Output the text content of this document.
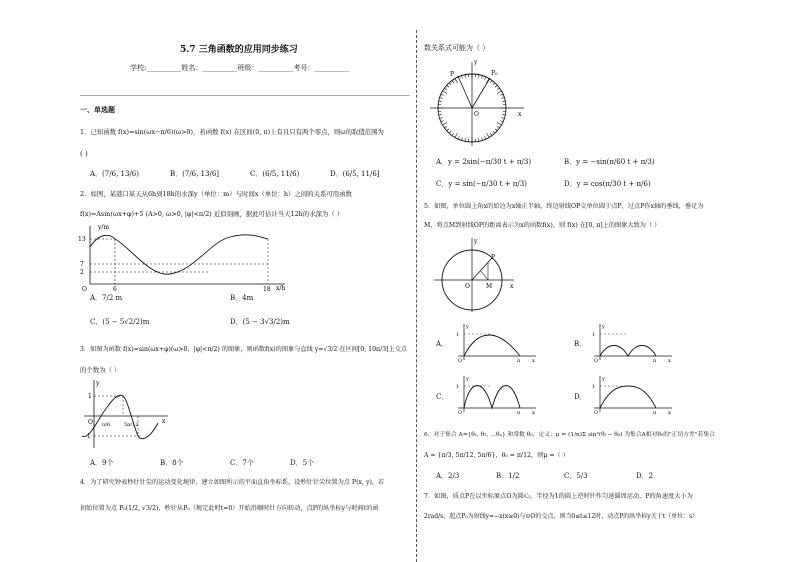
5.7 三角函数的应用同步练习
学校:__________姓名：__________班级：__________考号：__________
一、单选题
1．已知函数 f(x)=sin(ωx−π/6)(ω>0)，若函数 f(x) 在区间(0, π)上有且只有两个零点，则ω的取值范围为
( )
A．(7/6, 13/6)	B．(7/6, 13/6]	C．(6/5, 11/6)	D．(6/5, 11/6]
2．如图，某港口某天从6h到18h的水深y（单位：m）与时间x（单位：h）之间的关系可用函数
f(x)=Asin(ωx+φ)+5 (A>0, ω>0, |φ|<π/2) 近似刻画，据此可估计当天12h的水深为（ ）
y/m
x/h
13
7
2
O	6	18
A．7/2 m	B．4m
C．(5 − 5√2/2)m	D．(5 − 3√3/2)m
3．如图为函数 f(x)=sin(ωx+φ)(ω>0，|φ|<π/2) 的图象，则函数f(x)的图象与直线 y=√3/2 在区间[0, 10π/3]上交点
的个数为（ ）
y
x
1
−1
O π/6	5π/12
A．9个	B．8个	C．7个	D．5个
4．为了研究钟表秒针针尖的运动变化规律，建立如图所示的平面直角坐标系，设秒针针尖位置为点 P(x, y)，若
初始位置为点 P₀(1/2, √3/2)，秒针从P₀（规定此时t=0）开始沿顺时针方向转动，点P的纵坐标y与时间t的函
数关系式可能为（ ）
y
P₀
P
O	x
A．y = 2sin(−π/30 t + π/3)	B．y = −sin(π/60 t + π/3)
C．y = sin(−π/30 t + π/3)	D．y = cos(π/30 t + π/6)
5．如图，单位圆上角x的始边为x轴正半轴，终边射线OP交单位圆于点P，过点P作x轴的垂线，垂足为
M，将点M到射线OP的距离表示为x的函数f(x)，则 f(x) 在[0, π]上的图象大致为（ ）
y
P
O	M	x
A．
1
y
O	π x
B．
1
y
O	π x
C．
1
y
O	π x
D．
1
y
O	π x
6．对于集合 A={θ₁, θ₂, …θₙ} 和常数 θ₀，定义：μ = (1/n)Σ sin²(θᵢ − θ₀) 为集合A相对θ₀的"正切方差"若集合
A = {π/3, 5π/12, 5π/6}，θ₀ = π/12，则μ =（ ）
A．2/3	B．1/2	C．5/3	D．2
7．如图，质点P在以坐标原点O为圆心，半径为1的圆上逆时针作匀速圆周运动，P的角速度大小为
2rad/s，起点P₀为射线y=−x(x≥0)与⊙O的交点，则当0≤t≤12时，动点P的纵坐标y关于t（单位：s）
